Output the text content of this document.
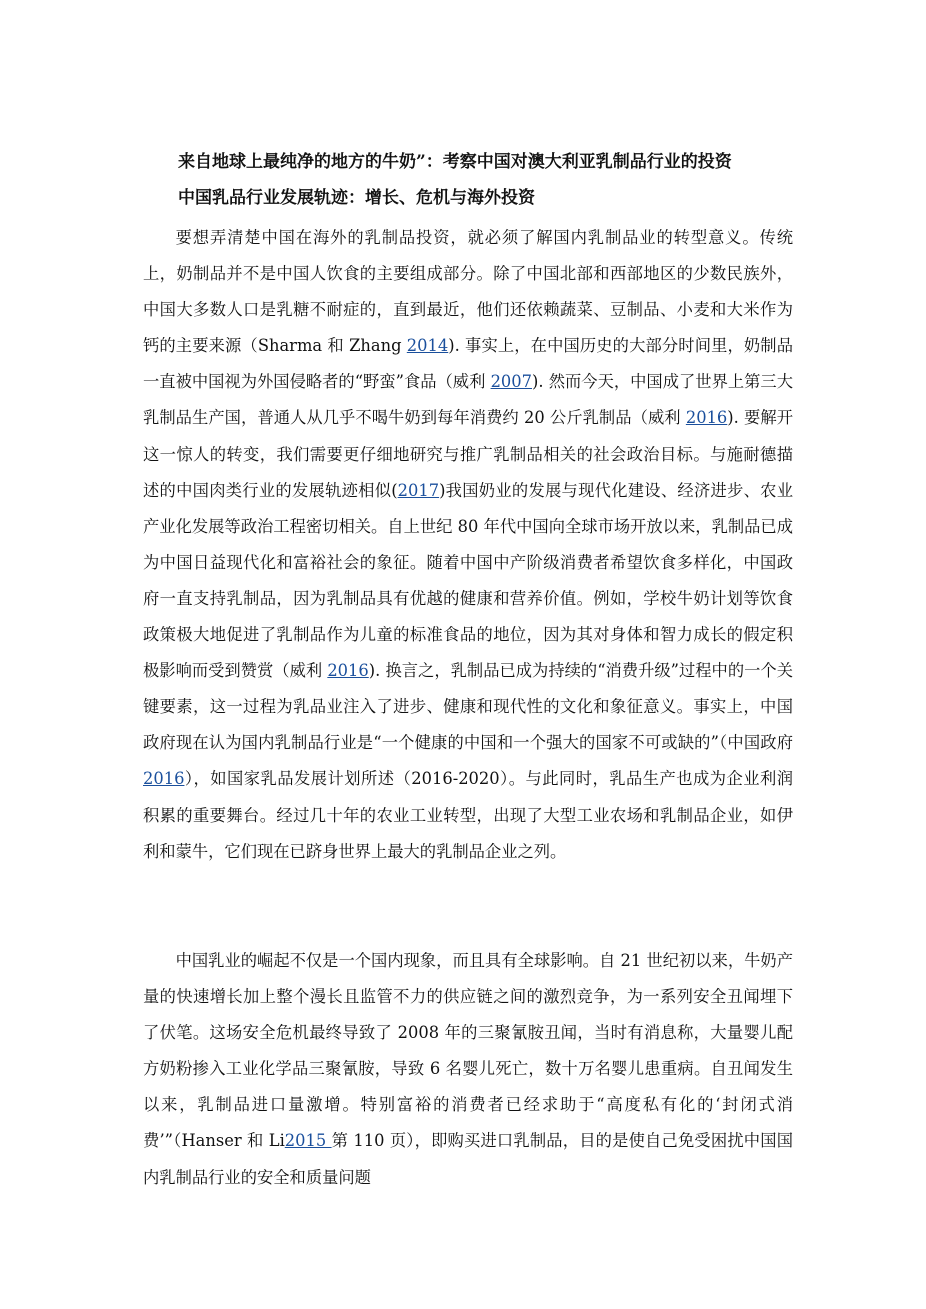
来自地球上最纯净的地方的牛奶”：考察中国对澳大利亚乳制品行业的投资
中国乳品行业发展轨迹：增长、危机与海外投资

要想弄清楚中国在海外的乳制品投资，就必须了解国内乳制品业的转型意义。传统上，奶制品并不是中国人饮食的主要组成部分。除了中国北部和西部地区的少数民族外，中国大多数人口是乳糖不耐症的，直到最近，他们还依赖蔬菜、豆制品、小麦和大米作为钙的主要来源（Sharma 和 Zhang 2014). 事实上，在中国历史的大部分时间里，奶制品一直被中国视为外国侵略者的“野蛮”食品（威利 2007). 然而今天，中国成了世界上第三大乳制品生产国，普通人从几乎不喝牛奶到每年消费约 20 公斤乳制品（威利 2016). 要解开这一惊人的转变，我们需要更仔细地研究与推广乳制品相关的社会政治目标。与施耐德描述的中国肉类行业的发展轨迹相似(2017)我国奶业的发展与现代化建设、经济进步、农业产业化发展等政治工程密切相关。自上世纪 80 年代中国向全球市场开放以来，乳制品已成为中国日益现代化和富裕社会的象征。随着中国中产阶级消费者希望饮食多样化，中国政府一直支持乳制品，因为乳制品具有优越的健康和营养价值。例如，学校牛奶计划等饮食政策极大地促进了乳制品作为儿童的标准食品的地位，因为其对身体和智力成长的假定积极影响而受到赞赏（威利 2016). 换言之，乳制品已成为持续的“消费升级”过程中的一个关键要素，这一过程为乳品业注入了进步、健康和现代性的文化和象征意义。事实上，中国政府现在认为国内乳制品行业是“一个健康的中国和一个强大的国家不可或缺的”（中国政府 2016），如国家乳品发展计划所述（2016-2020）。与此同时，乳品生产也成为企业利润积累的重要舞台。经过几十年的农业工业转型，出现了大型工业农场和乳制品企业，如伊利和蒙牛，它们现在已跻身世界上最大的乳制品企业之列。

中国乳业的崛起不仅是一个国内现象，而且具有全球影响。自 21 世纪初以来，牛奶产量的快速增长加上整个漫长且监管不力的供应链之间的激烈竞争，为一系列安全丑闻埋下了伏笔。这场安全危机最终导致了 2008 年的三聚氰胺丑闻，当时有消息称，大量婴儿配方奶粉掺入工业化学品三聚氰胺，导致 6 名婴儿死亡，数十万名婴儿患重病。自丑闻发生以来，乳制品进口量激增。特别富裕的消费者已经求助于“高度私有化的‘封闭式消费’”（Hanser 和 Li2015 第 110 页），即购买进口乳制品，目的是使自己免受困扰中国国内乳制品行业的安全和质量问题
